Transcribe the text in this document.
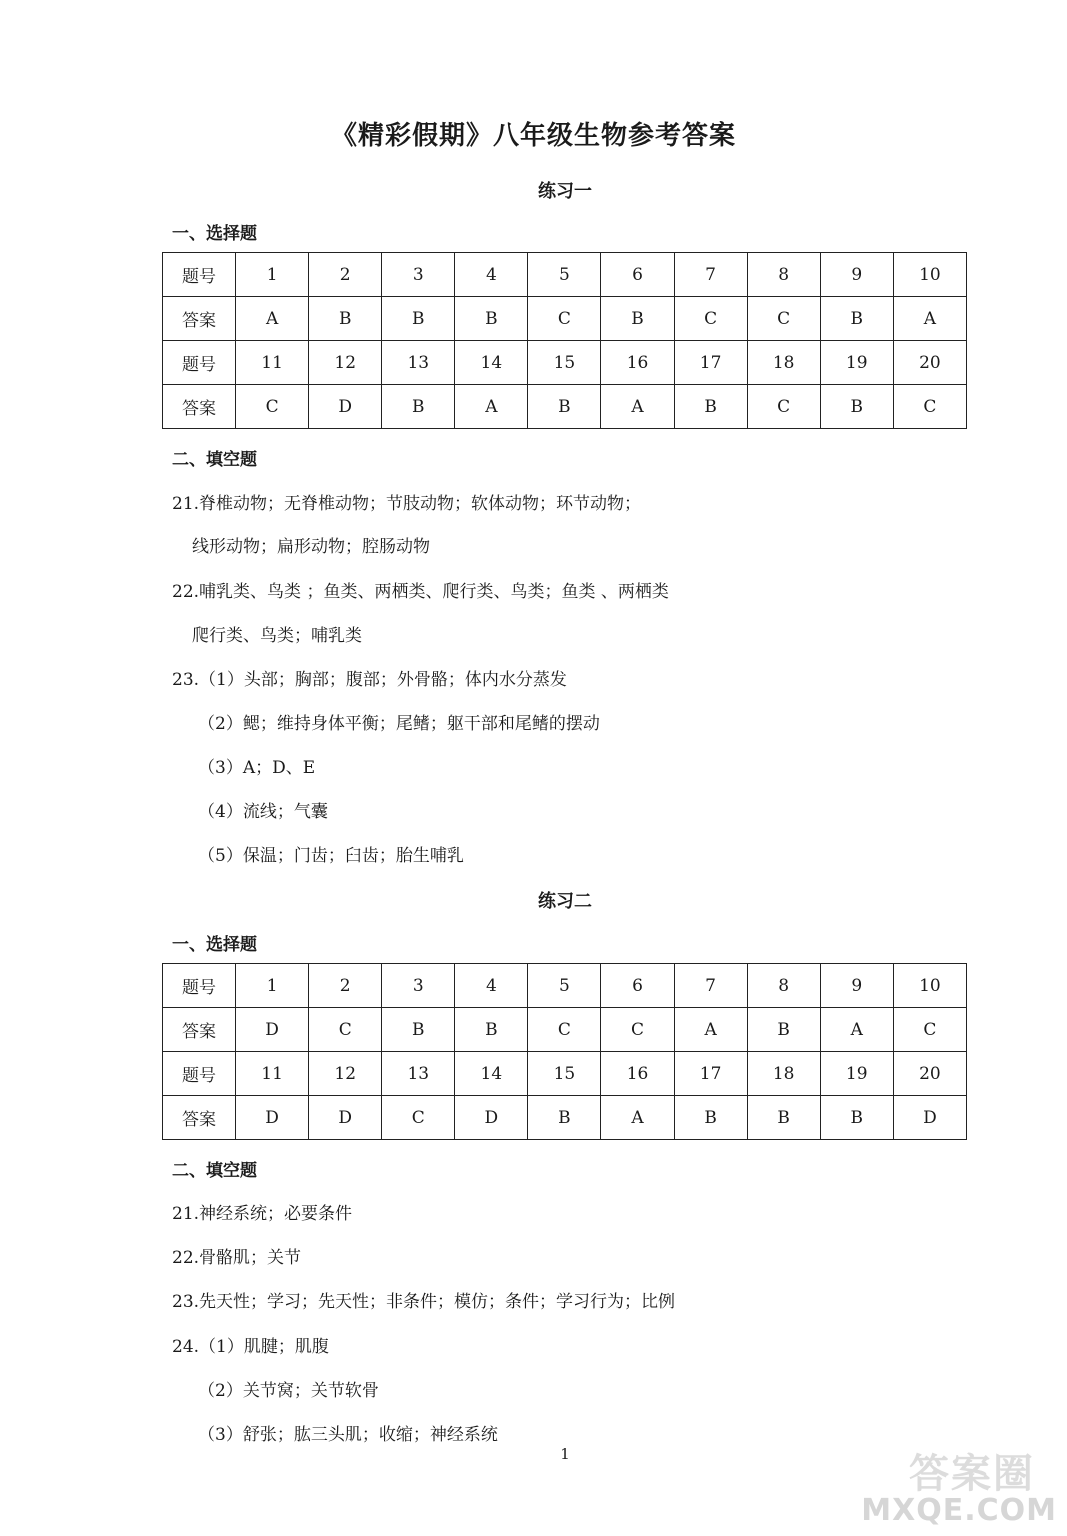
《精彩假期》八年级生物参考答案
练习一
一、选择题
题号	1	2	3	4	5	6	7	8	9	10
答案	A	B	B	B	C	B	C	C	B	A
题号	11	12	13	14	15	16	17	18	19	20
答案	C	D	B	A	B	A	B	C	B	C
二、填空题
21.脊椎动物；无脊椎动物；节肢动物；软体动物；环节动物；
线形动物；扁形动物；腔肠动物
22.哺乳类、鸟类 ；鱼类、两栖类、爬行类、鸟类；鱼类 、两栖类
爬行类、鸟类；哺乳类
23.（1）头部；胸部；腹部；外骨骼；体内水分蒸发
（2）鳃；维持身体平衡；尾鳍；躯干部和尾鳍的摆动
（3）A；D、E
（4）流线；气囊
（5）保温；门齿；臼齿；胎生哺乳
练习二
一、选择题
题号	1	2	3	4	5	6	7	8	9	10
答案	D	C	B	B	C	C	A	B	A	C
题号	11	12	13	14	15	16	17	18	19	20
答案	D	D	C	D	B	A	B	B	B	D
二、填空题
21.神经系统；必要条件
22.骨骼肌；关节
23.先天性；学习；先天性；非条件；模仿；条件；学习行为；比例
24.（1）肌腱；肌腹
（2）关节窝；关节软骨
（3）舒张；肱三头肌；收缩；神经系统
1	答案圈
MXQE.COM
